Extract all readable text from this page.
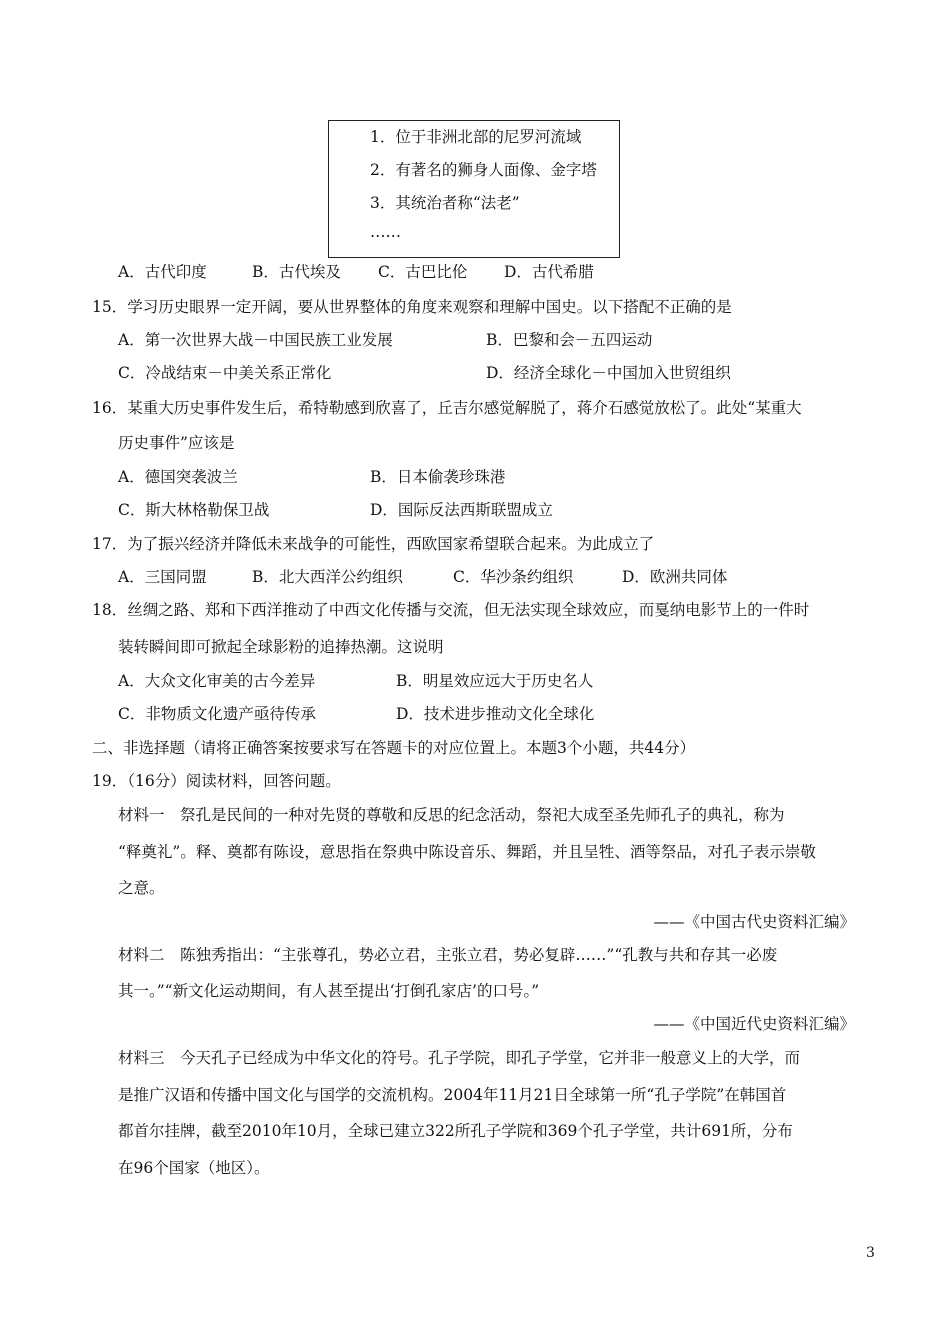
1．位于非洲北部的尼罗河流域
2．有著名的狮身人面像、金字塔
3．其统治者称“法老”
……
A．古代印度	B．古代埃及 C．古巴比伦 D．古代希腊
15．学习历史眼界一定开阔，要从世界整体的角度来观察和理解中国史。以下搭配不正确的是
A．第一次世界大战－中国民族工业发展	B．巴黎和会－五四运动
C．冷战结束－中美关系正常化	D．经济全球化－中国加入世贸组织
16．某重大历史事件发生后，希特勒感到欣喜了，丘吉尔感觉解脱了，蒋介石感觉放松了。此处“某重大
历史事件”应该是
A．德国突袭波兰	B．日本偷袭珍珠港
C．斯大林格勒保卫战	D．国际反法西斯联盟成立
17．为了振兴经济并降低未来战争的可能性，西欧国家希望联合起来。为此成立了
A．三国同盟	B．北大西洋公约组织	C．华沙条约组织	D．欧洲共同体
18．丝绸之路、郑和下西洋推动了中西文化传播与交流，但无法实现全球效应，而戛纳电影节上的一件时
装转瞬间即可掀起全球影粉的追捧热潮。这说明
A．大众文化审美的古今差异	B．明星效应远大于历史名人
C．非物质文化遗产亟待传承	D．技术进步推动文化全球化
二、非选择题（请将正确答案按要求写在答题卡的对应位置上。本题3个小题，共44分）
19．（16分）阅读材料，回答问题。
材料一　祭孔是民间的一种对先贤的尊敬和反思的纪念活动，祭祀大成至圣先师孔子的典礼，称为
“释奠礼”。释、奠都有陈设，意思指在祭典中陈设音乐、舞蹈，并且呈牲、酒等祭品，对孔子表示崇敬
之意。
——《中国古代史资料汇编》
材料二　陈独秀指出：“主张尊孔，势必立君，主张立君，势必复辟……”“孔教与共和存其一必废
其一。”“新文化运动期间，有人甚至提出‘打倒孔家店’的口号。”
——《中国近代史资料汇编》
材料三　今天孔子已经成为中华文化的符号。孔子学院，即孔子学堂，它并非一般意义上的大学，而
是推广汉语和传播中国文化与国学的交流机构。2004年11月21日全球第一所“孔子学院”在韩国首
都首尔挂牌，截至2010年10月，全球已建立322所孔子学院和369个孔子学堂，共计691所，分布
在96个国家（地区）。
3
